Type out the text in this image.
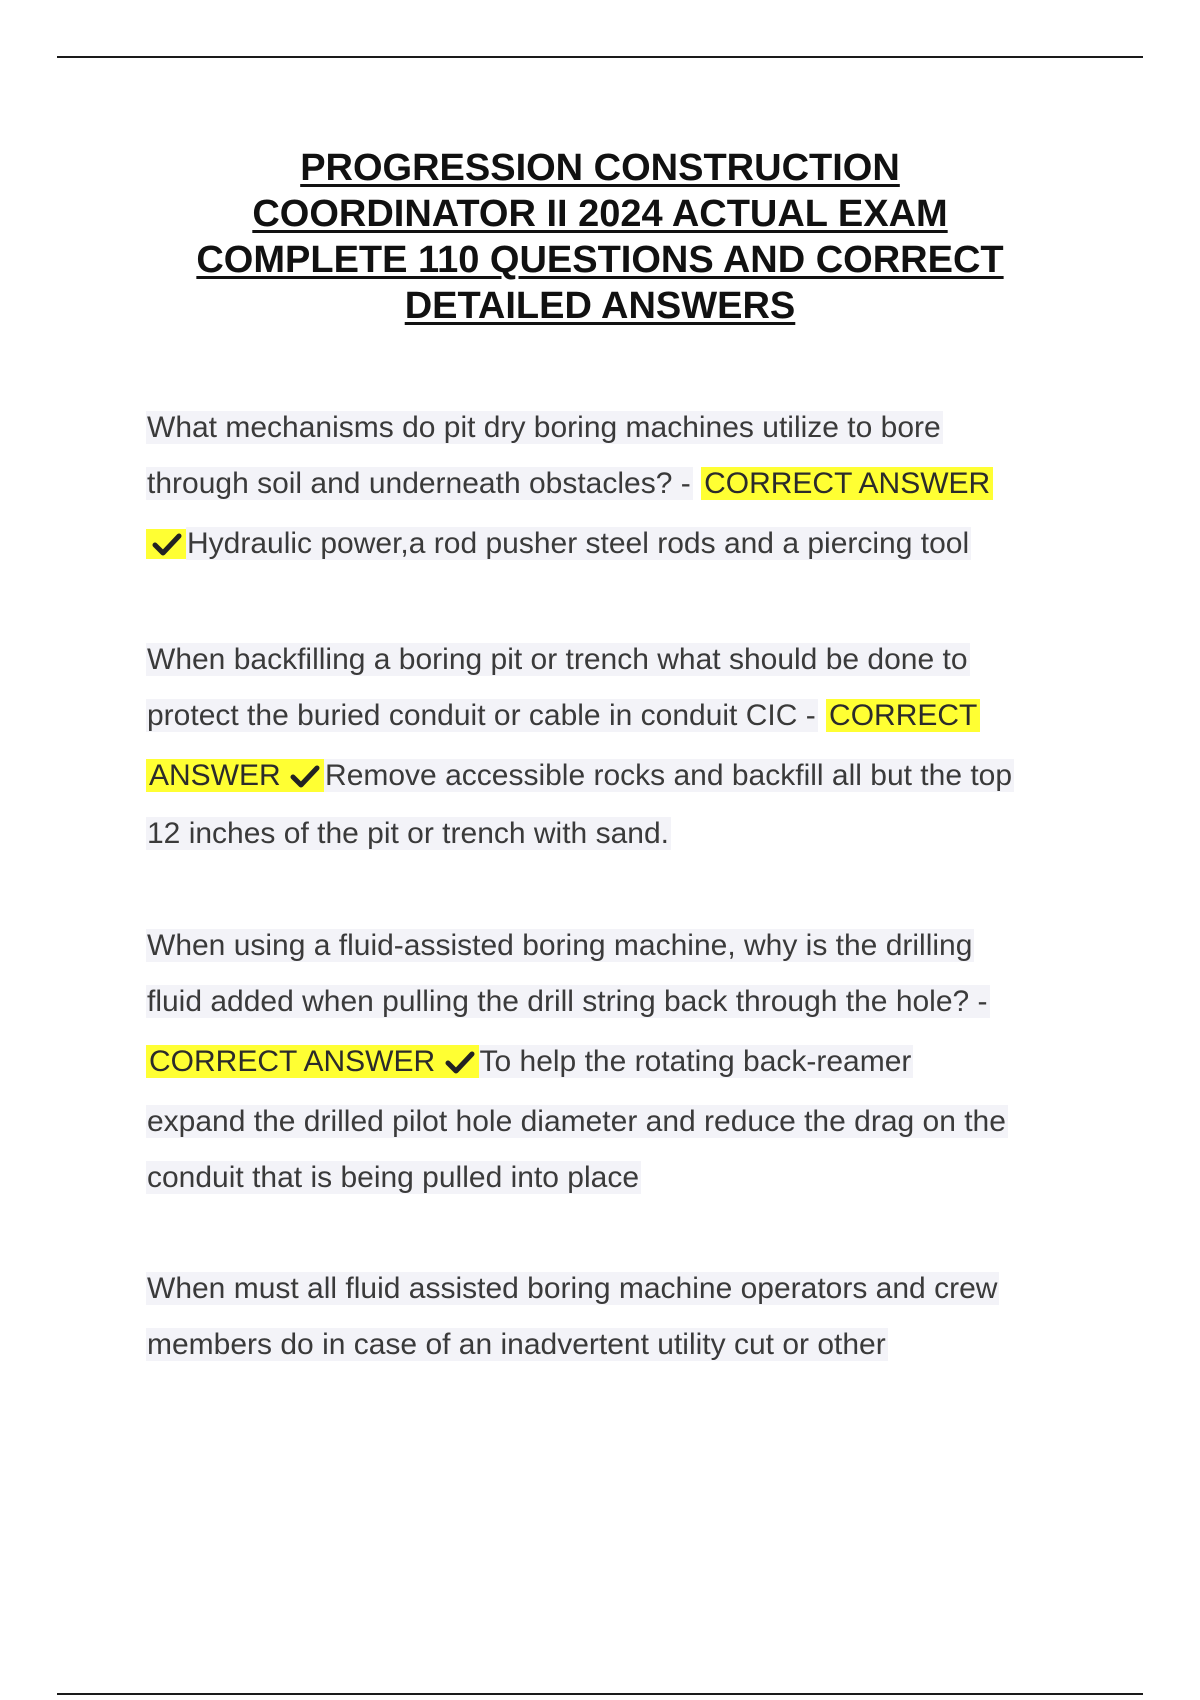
PROGRESSION CONSTRUCTION
COORDINATOR II 2024 ACTUAL EXAM
COMPLETE 110 QUESTIONS AND CORRECT
DETAILED ANSWERS
What mechanisms do pit dry boring machines utilize to bore
through soil and underneath obstacles? - CORRECT ANSWER
Hydraulic power,a rod pusher steel rods and a piercing tool
When backfilling a boring pit or trench what should be done to
protect the buried conduit or cable in conduit CIC - CORRECT
ANSWER Remove accessible rocks and backfill all but the top
12 inches of the pit or trench with sand.
When using a fluid-assisted boring machine, why is the drilling
fluid added when pulling the drill string back through the hole? -
CORRECT ANSWER To help the rotating back-reamer
expand the drilled pilot hole diameter and reduce the drag on the
conduit that is being pulled into place
When must all fluid assisted boring machine operators and crew
members do in case of an inadvertent utility cut or other
